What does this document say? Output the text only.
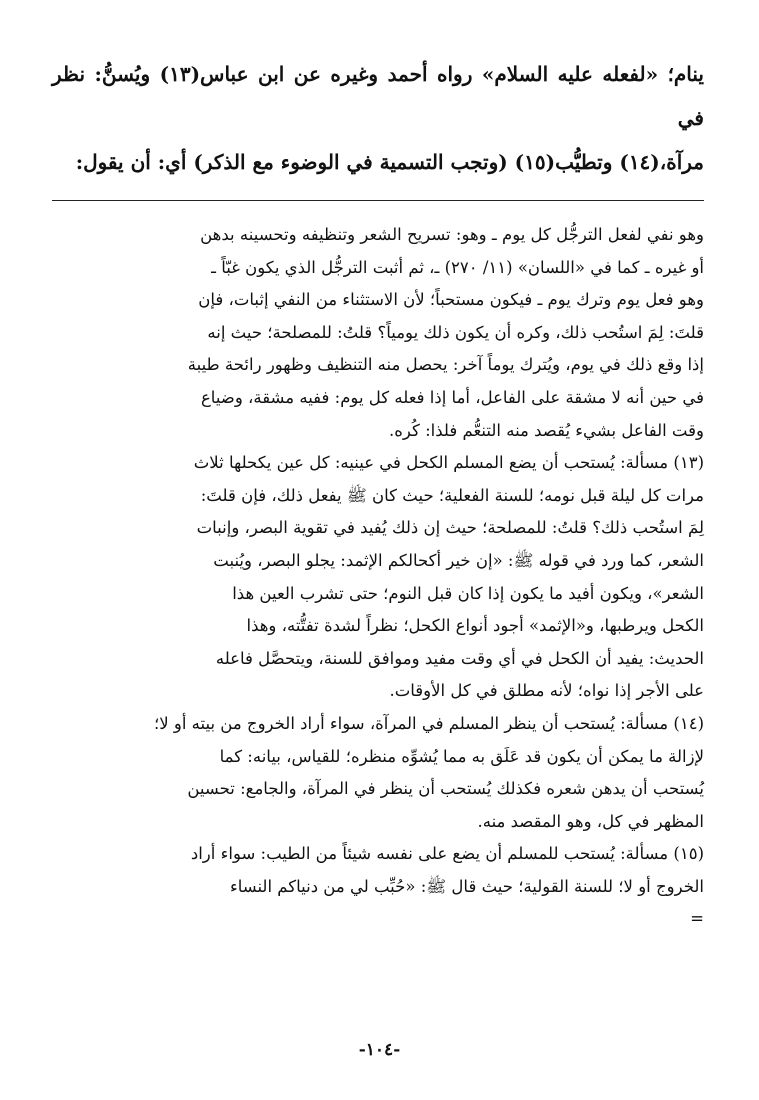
ينام؛ «لفعله عليه السلام» رواه أحمد وغيره عن ابن عباس(١٣) ويُسنُّ: نظر في
مرآة،(١٤) وتطيُّب(١٥) (وتجب التسمية في الوضوء مع الذكر) أي: أن يقول:
وهو نفي لفعل الترجُّل كل يوم ـ وهو: تسريح الشعر وتنظيفه وتحسينه بدهن
أو غيره ـ كما في «اللسان» (١١/ ٢٧٠) ـ، ثم أثبت الترجُّل الذي يكون غبّاً ـ
وهو فعل يوم وترك يوم ـ فيكون مستحباً؛ لأن الاستثناء من النفي إثبات، فإن
قلتَ: لِمَ استُحب ذلك، وكره أن يكون ذلك يومياً؟ قلتُ: للمصلحة؛ حيث إنه
إذا وقع ذلك في يوم، ويُترك يوماً آخر: يحصل منه التنظيف وظهور رائحة طيبة
في حين أنه لا مشقة على الفاعل، أما إذا فعله كل يوم: ففيه مشقة، وضياع
وقت الفاعل بشيء يُقصد منه التنعُّم فلذا: كُره.
(١٣) مسألة: يُستحب أن يضع المسلم الكحل في عينيه: كل عين يكحلها ثلاث
مرات كل ليلة قبل نومه؛ للسنة الفعلية؛ حيث كان ﷺ يفعل ذلك، فإن قلتَ:
لِمَ استُحب ذلك؟ قلتُ: للمصلحة؛ حيث إن ذلك يُفيد في تقوية البصر، وإنبات
الشعر، كما ورد في قوله ﷺ: «إن خير أكحالكم الإثمد: يجلو البصر، ويُنبت
الشعر»، ويكون أفيد ما يكون إذا كان قبل النوم؛ حتى تشرب العين هذا
الكحل ويرطبها، و«الإثمد» أجود أنواع الكحل؛ نظراً لشدة تفتُّته، وهذا
الحديث: يفيد أن الكحل في أي وقت مفيد وموافق للسنة، ويتحصَّل فاعله
على الأجر إذا نواه؛ لأنه مطلق في كل الأوقات.
(١٤) مسألة: يُستحب أن ينظر المسلم في المرآة، سواء أراد الخروج من بيته أو لا؛
لإزالة ما يمكن أن يكون قد عَلَق به مما يُشوِّه منظره؛ للقياس، بيانه: كما
يُستحب أن يدهن شعره فكذلك يُستحب أن ينظر في المرآة، والجامع: تحسين
المظهر في كل، وهو المقصد منه.
(١٥) مسألة: يُستحب للمسلم أن يضع على نفسه شيئاً من الطيب: سواء أراد
الخروج أو لا؛ للسنة القولية؛ حيث قال ﷺ: «حُبِّب لي من دنياكم النساء
=
-١٠٤-
